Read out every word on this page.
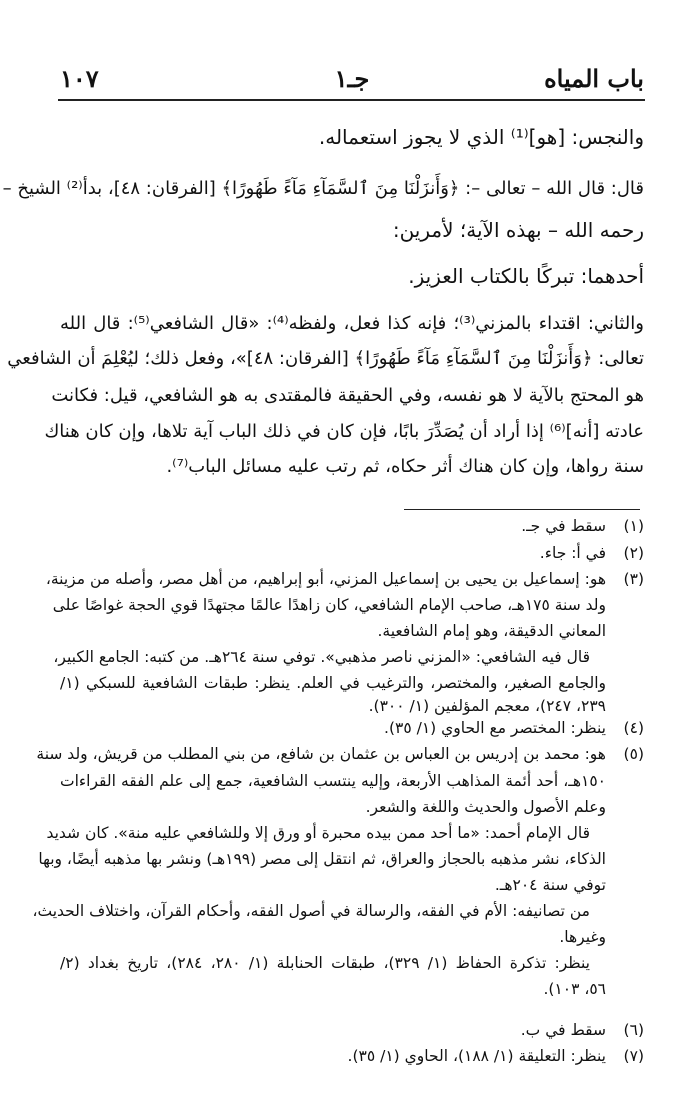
باب المياه
جـ١
١٠٧
والنجس: [هو]⁽¹⁾ الذي لا يجوز استعماله.
قال: قال الله – تعالى –: ﴿وَأَنزَلْنَا مِنَ ٱلسَّمَآءِ مَآءً طَهُورًا﴾ [الفرقان: ٤٨]، بدأ⁽²⁾ الشيخ –
رحمه الله – بهذه الآية؛ لأمرين:
أحدهما: تبركًا بالكتاب العزيز.
والثاني: اقتداء بالمزني⁽³⁾؛ فإنه كذا فعل، ولفظه⁽⁴⁾: «قال الشافعي⁽⁵⁾: قال الله
تعالى: ﴿وَأَنزَلْنَا مِنَ ٱلسَّمَآءِ مَآءً طَهُورًا﴾ [الفرقان: ٤٨]»، وفعل ذلك؛ ليُعْلِمَ أن الشافعي
هو المحتج بالآية لا هو نفسه، وفي الحقيقة فالمقتدى به هو الشافعي، قيل: فكانت
عادته [أنه]⁽⁶⁾ إذا أراد أن يُصَدِّرَ بابًا، فإن كان في ذلك الباب آية تلاها، وإن كان هناك
سنة رواها، وإن كان هناك أثر حكاه، ثم رتب عليه مسائل الباب⁽⁷⁾.
(١)
(٢)
(٣)
(٤)
(٥)
(٦)
(٧)
سقط في جـ.
في أ: جاء.
هو: إسماعيل بن يحيى بن إسماعيل المزني، أبو إبراهيم، من أهل مصر، وأصله من مزينة،
ولد سنة ١٧٥هـ، صاحب الإمام الشافعي، كان زاهدًا عالمًا مجتهدًا قوي الحجة غواصًا على
المعاني الدقيقة، وهو إمام الشافعية.
قال فيه الشافعي: «المزني ناصر مذهبي». توفي سنة ٢٦٤هـ. من كتبه: الجامع الكبير،
والجامع الصغير، والمختصر، والترغيب في العلم. ينظر: طبقات الشافعية للسبكي (١/
٢٣٩، ٢٤٧)، معجم المؤلفين (١/ ٣٠٠).
ينظر: المختصر مع الحاوي (١/ ٣٥).
هو: محمد بن إدريس بن العباس بن عثمان بن شافع، من بني المطلب من قريش، ولد سنة
١٥٠هـ، أحد أئمة المذاهب الأربعة، وإليه ينتسب الشافعية، جمع إلى علم الفقه القراءات
وعلم الأصول والحديث واللغة والشعر.
قال الإمام أحمد: «ما أحد ممن بيده محبرة أو ورق إلا وللشافعي عليه منة». كان شديد
الذكاء، نشر مذهبه بالحجاز والعراق، ثم انتقل إلى مصر (١٩٩هـ) ونشر بها مذهبه أيضًا، وبها
توفي سنة ٢٠٤هـ.
من تصانيفه: الأم في الفقه، والرسالة في أصول الفقه، وأحكام القرآن، واختلاف الحديث،
وغيرها.
ينظر: تذكرة الحفاظ (١/ ٣٢٩)، طبقات الحنابلة (١/ ٢٨٠، ٢٨٤)، تاريخ بغداد (٢/
٥٦، ١٠٣).
سقط في ب.
ينظر: التعليقة (١/ ١٨٨)، الحاوي (١/ ٣٥).
